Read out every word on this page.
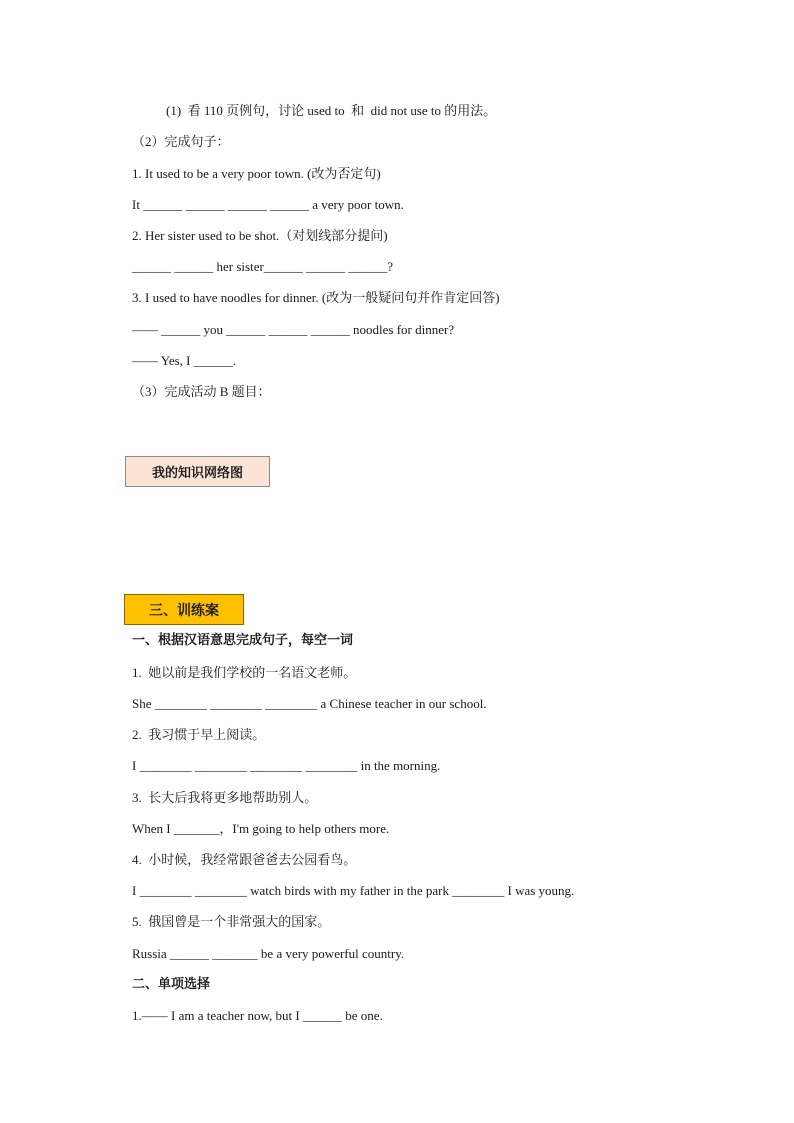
(1)  看 110 页例句，讨论 used to  和  did not use to 的用法。
（2）完成句子：
1. It used to be a very poor town. (改为否定句)
It ______ ______ ______ ______ a very poor town.
2. Her sister used to be shot.（对划线部分提问)
______ ______ her sister______ ______ ______?
3. I used to have noodles for dinner. (改为一般疑问句并作肯定回答)
—— ______ you ______ ______ ______ noodles for dinner?
—— Yes, I ______.
（3）完成活动 B 题目：
我的知识网络图
三、训练案
一、根据汉语意思完成句子，每空一词
1.  她以前是我们学校的一名语文老师。
She ________ ________ ________ a Chinese teacher in our school.
2.  我习惯于早上阅读。
I ________ ________ ________ ________ in the morning.
3.  长大后我将更多地帮助别人。
When I _______，I'm going to help others more.
4.  小时候，我经常跟爸爸去公园看鸟。
I ________ ________ watch birds with my father in the park ________ I was young.
5.  俄国曾是一个非常强大的国家。
Russia ______ _______ be a very powerful country.
二、单项选择
1.—— I am a teacher now, but I ______ be one.
